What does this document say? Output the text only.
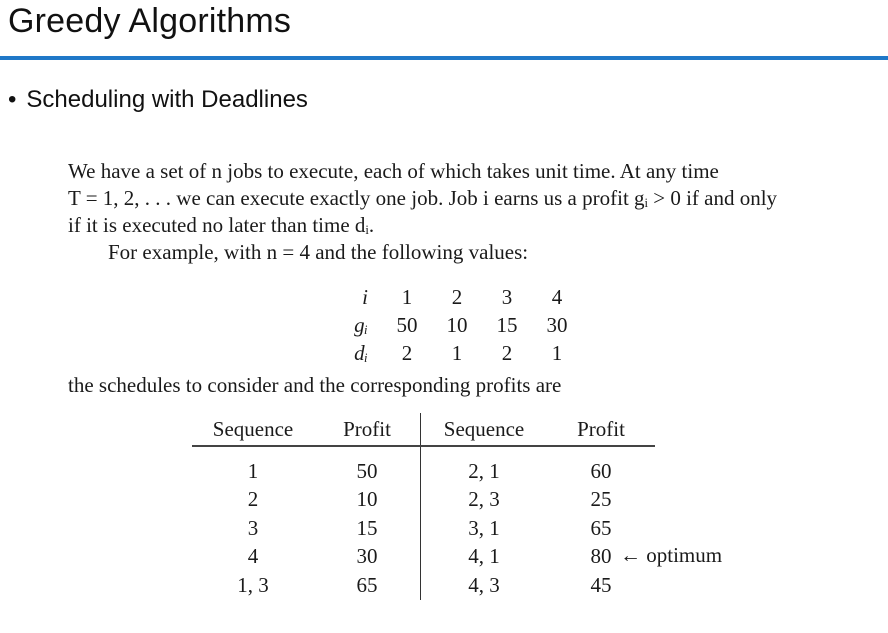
Greedy Algorithms
• Scheduling with Deadlines

We have a set of n jobs to execute, each of which takes unit time. At any time

T = 1, 2, . . . we can execute exactly one job. Job i earns us a profit gᵢ > 0 if and only

if it is executed no later than time dᵢ.

For example, with n = 4 and the following values:

i	1	2	3	4
gᵢ	50	10	15	30
dᵢ	2	1	2	1
the schedules to consider and the corresponding profits are
Sequence	Profit	Sequence	Profit
1	50	2, 1	60
2	10	2, 3	25
3	15	3, 1	65
4	30	4, 1	80
1, 3	65	4, 3	45
← optimum
